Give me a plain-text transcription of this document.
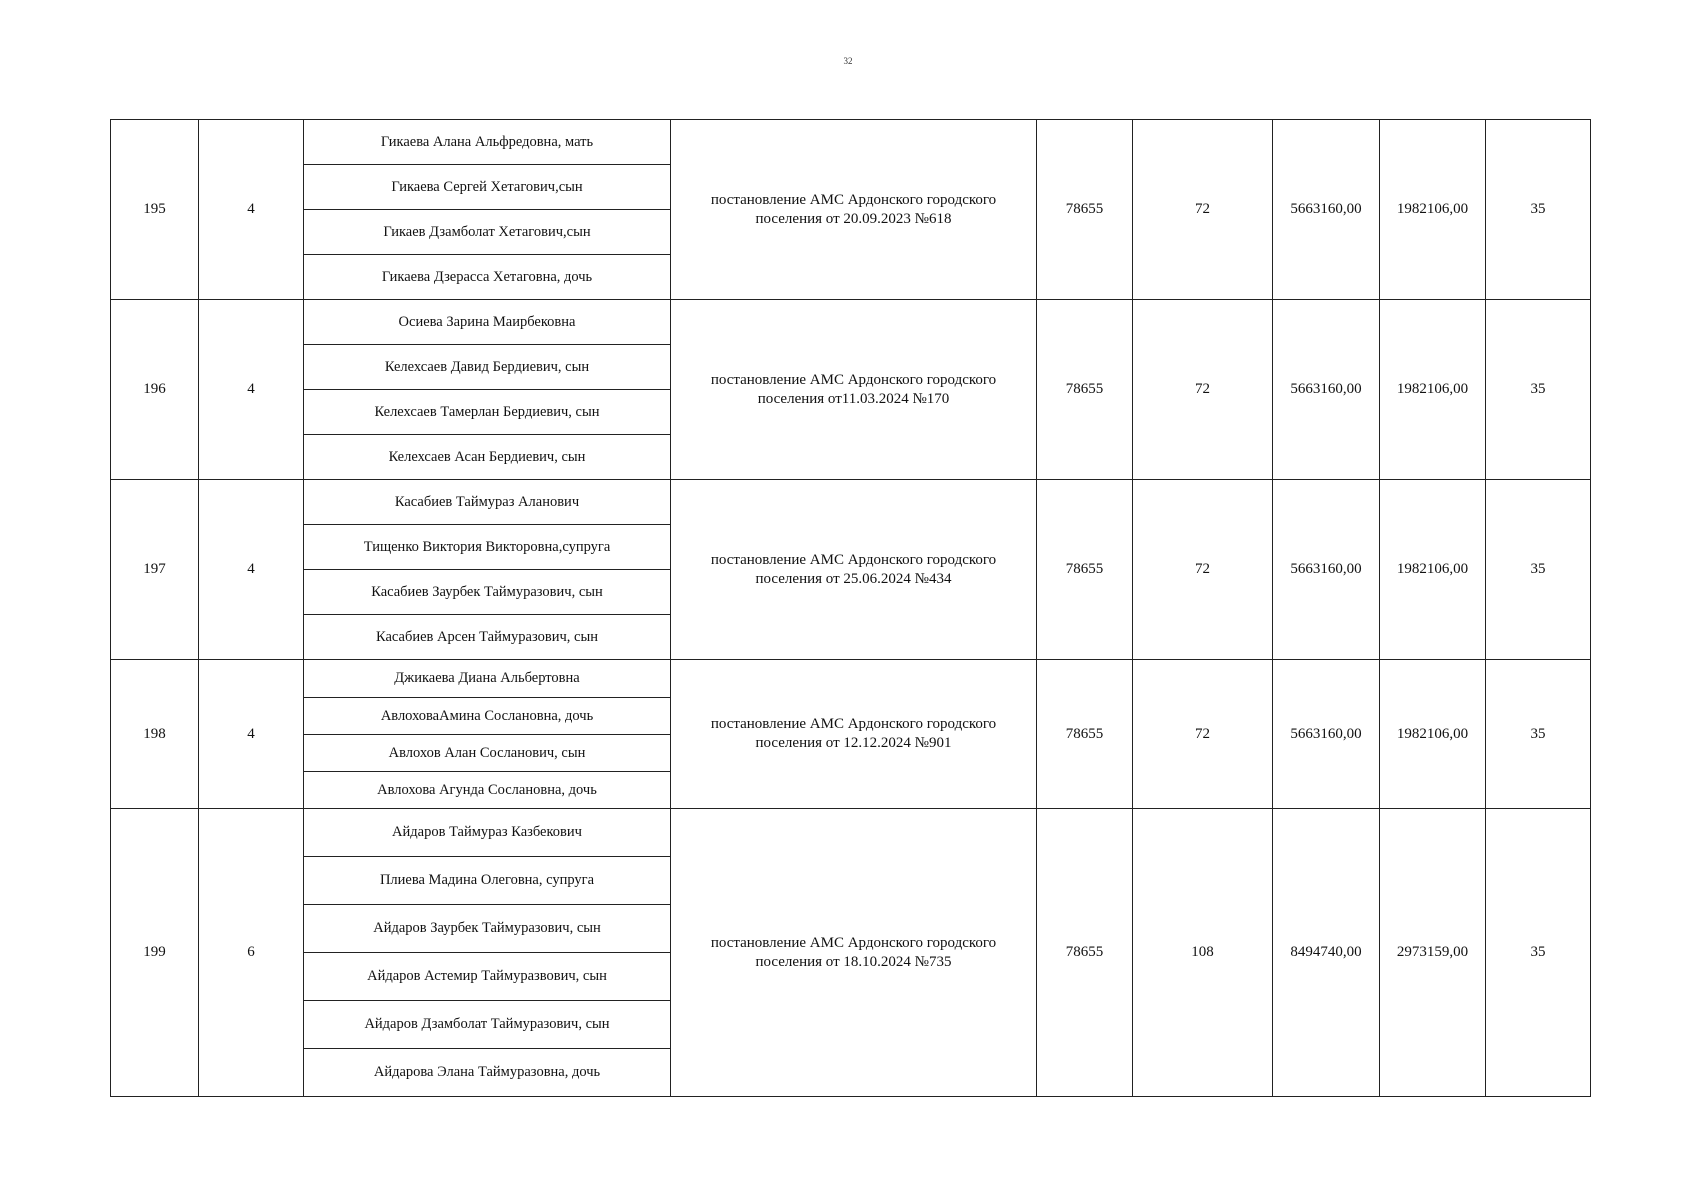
32
195	4	Гикаева Алана Альфредовна, мать	постановление АМС Ардонского городского поселения от 20.09.2023 №618	78655	72	5663160,00	1982106,00	35
		Гикаева Сергей Хетагович,сын						
		Гикаев Дзамболат Хетагович,сын						
		Гикаева Дзерасса Хетаговна, дочь						
196	4	Осиева Зарина Маирбековна	постановление АМС Ардонского городского поселения от11.03.2024 №170	78655	72	5663160,00	1982106,00	35
		Келехсаев Давид Бердиевич, сын						
		Келехсаев Тамерлан Бердиевич, сын						
		Келехсаев Асан Бердиевич, сын						
197	4	Касабиев Таймураз Аланович	постановление АМС Ардонского городского поселения от 25.06.2024 №434	78655	72	5663160,00	1982106,00	35
		Тищенко Виктория Викторовна,супруга						
		Касабиев Заурбек Таймуразович, сын						
		Касабиев Арсен Таймуразович, сын						
198	4	Джикаева Диана Альбертовна	постановление АМС Ардонского городского поселения от 12.12.2024 №901	78655	72	5663160,00	1982106,00	35
		АвлоховаАмина Сослановна, дочь						
		Авлохов Алан Сосланович, сын						
		Авлохова Агунда Сослановна, дочь						
199	6	Айдаров Таймураз Казбекович	постановление АМС Ардонского городского поселения от 18.10.2024 №735	78655	108	8494740,00	2973159,00	35
		Плиева Мадина Олеговна, супруга						
		Айдаров Заурбек Таймуразович, сын						
		Айдаров Астемир Таймуразвович, сын						
		Айдаров Дзамболат Таймуразович, сын						
		Айдарова Элана Таймуразовна, дочь						
